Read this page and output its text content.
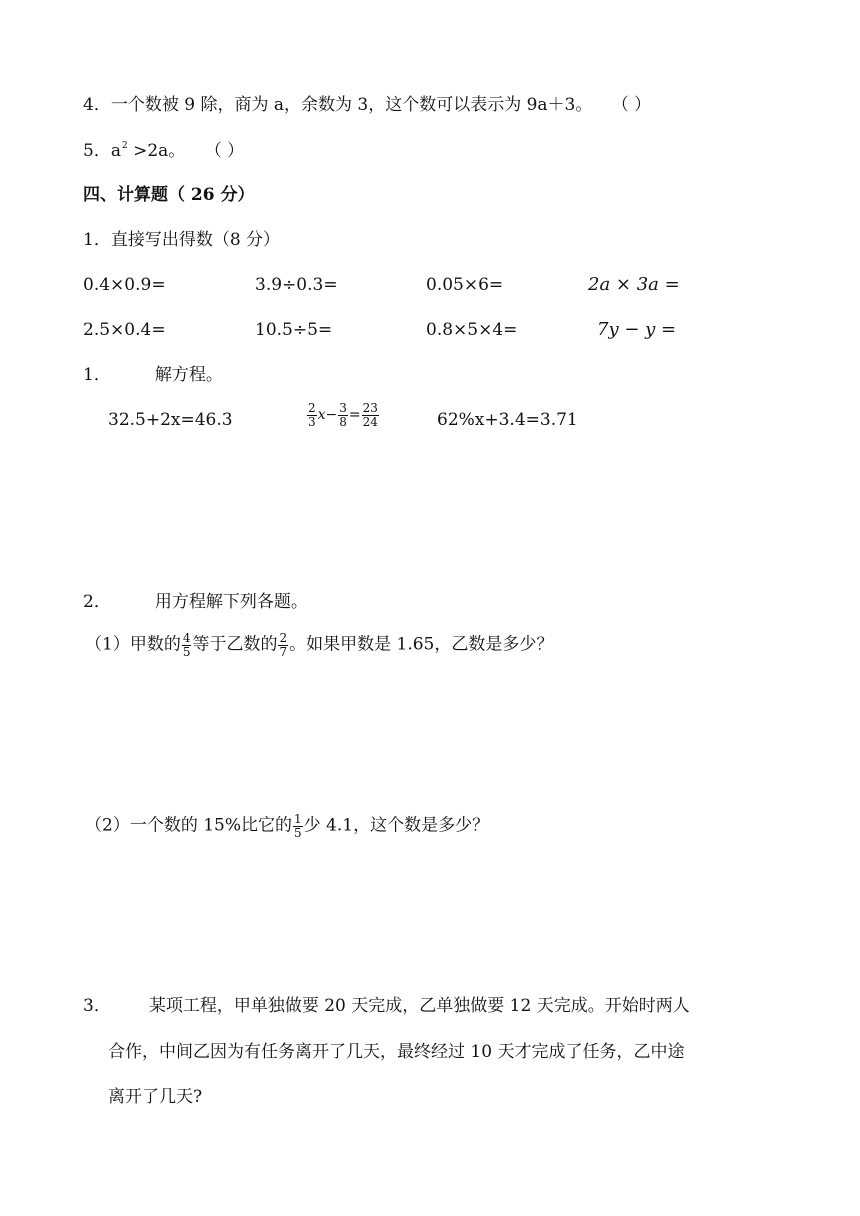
4．一个数被 9 除，商为 a，余数为 3，这个数可以表示为 9a＋3。 （ ）
5．$a^2 >2a$。 （ ）
四、计算题（ 26 分）
1．直接写出得数（8 分）
0.4×0.9=	3.9÷0.3=	0.05×6=	2a × 3a =
2.5×0.4=	10.5÷5=	0.8×5×4=	7y − y =
1．	解方程。
32.5+2x=46.3	$\frac{2}{3} x- \frac{3}{8} = \frac{23}{24}$	62%x+3.4=3.71
2．	用方程解下列各题。
（1）甲数的 $\frac{4}{5}$ 等于乙数的 $\frac{2}{7}$ 。如果甲数是 1.65，乙数是多少？
（2）一个数的 15%比它的 $\frac{1}{5}$ 少 4.1，这个数是多少？
3． 某项工程，甲单独做要 20 天完成，乙单独做要 12 天完成。开始时两人
合作，中间乙因为有任务离开了几天，最终经过 10 天才完成了任务，乙中途
离开了几天?
